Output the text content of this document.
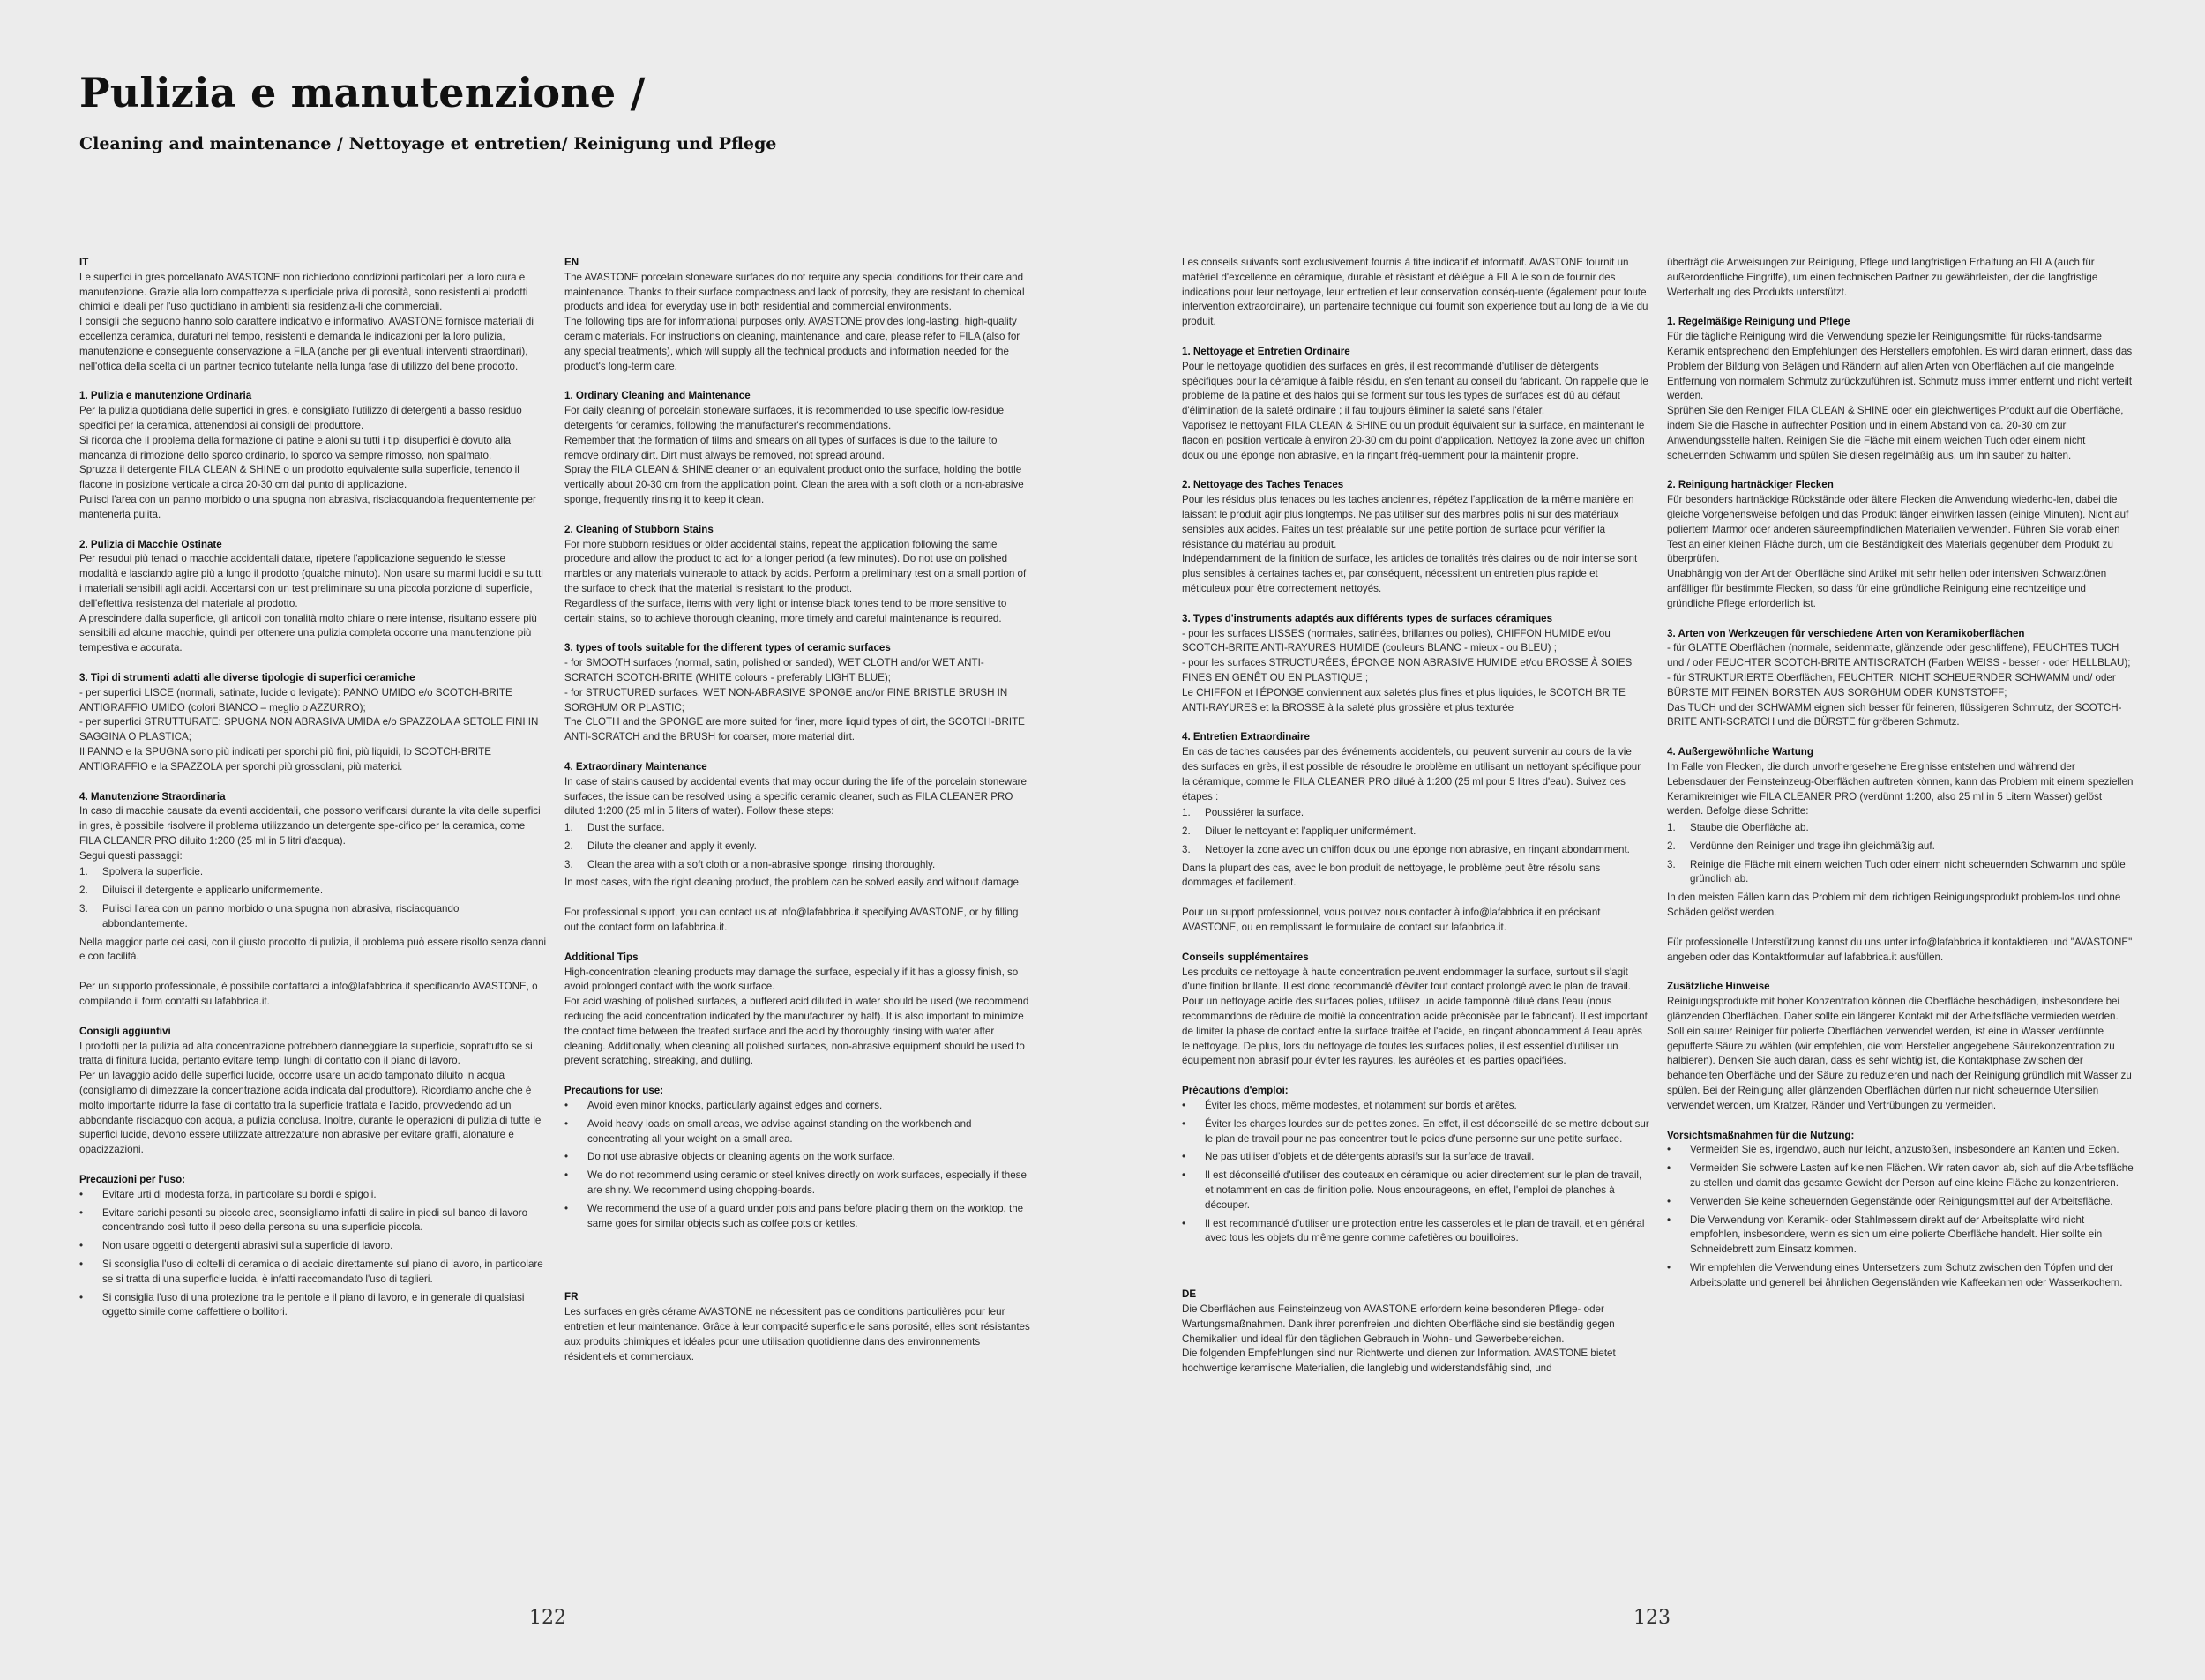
Pulizia e manutenzione /
Cleaning and maintenance / Nettoyage et entretien/ Reinigung und Pflege
IT

Le superfici in gres porcellanato AVASTONE non richiedono condizioni particolari per la loro cura e manutenzione. Grazie alla loro compattezza superficiale priva di porosità, sono resistenti ai prodotti chimici e ideali per l'uso quotidiano in ambienti sia residenzia-li che commerciali.

I consigli che seguono hanno solo carattere indicativo e informativo. AVASTONE fornisce materiali di eccellenza ceramica, duraturi nel tempo, resistenti e demanda le indicazioni per la loro pulizia, manutenzione e conseguente conservazione a FILA (anche per gli eventuali interventi straordinari), nell'ottica della scelta di un partner tecnico tutelante nella lunga fase di utilizzo del bene prodotto.

1. Pulizia e manutenzione Ordinaria
Per la pulizia quotidiana delle superfici in gres, è consigliato l'utilizzo di detergenti a basso residuo specifici per la ceramica, attenendosi ai consigli del produttore.
Si ricorda che il problema della formazione di patine e aloni su tutti i tipi disuperfici è dovuto alla mancanza di rimozione dello sporco ordinario, lo sporco va sempre rimosso, non spalmato.
Spruzza il detergente FILA CLEAN & SHINE o un prodotto equivalente sulla superficie, tenendo il flacone in posizione verticale a circa 20-30 cm dal punto di applicazione.
Pulisci l'area con un panno morbido o una spugna non abrasiva, risciacquandola frequentemente per mantenerla pulita.

2. Pulizia di Macchie Ostinate
Per resudui più tenaci o macchie accidentali datate, ripetere l'applicazione seguendo le stesse modalità e lasciando agire più a lungo il prodotto (qualche minuto). Non usare su marmi lucidi e su tutti i materiali sensibili agli acidi. Accertarsi con un test preliminare su una piccola porzione di superficie, dell'effettiva resistenza del materiale al prodotto.
A prescindere dalla superficie, gli articoli con tonalità molto chiare o nere intense, risultano essere più sensibili ad alcune macchie, quindi per ottenere una pulizia completa occorre una manutenzione più tempestiva e accurata.

3. Tipi di strumenti adatti alle diverse tipologie di superfici ceramiche
- per superfici LISCE (normali, satinate, lucide o levigate): PANNO UMIDO e/o SCOTCH-BRITE ANTIGRAFFIO UMIDO (colori BIANCO – meglio o AZZURRO);
- per superfici STRUTTURATE: SPUGNA NON ABRASIVA UMIDA e/o SPAZZOLA A SETOLE FINI IN SAGGINA O PLASTICA;
Il PANNO e la SPUGNA sono più indicati per sporchi più fini, più liquidi, lo SCOTCH-BRITE ANTIGRAFFIO e la SPAZZOLA per sporchi più grossolani, più materici.

4. Manutenzione Straordinaria
In caso di macchie causate da eventi accidentali, che possono verificarsi durante la vita delle superfici in gres, è possibile risolvere il problema utilizzando un detergente spe-cifico per la ceramica, come FILA CLEANER PRO diluito 1:200 (25 ml in 5 litri d'acqua).
Segui questi passaggi:

1.	Spolvera la superficie.
2.	Diluisci il detergente e applicarlo uniformemente.
3.	Pulisci l'area con un panno morbido o una spugna non abrasiva, risciacquando abbondantemente.

Nella maggior parte dei casi, con il giusto prodotto di pulizia, il problema può essere risolto senza danni e con facilità.

Per un supporto professionale, è possibile contattarci a info@lafabbrica.it specificando AVASTONE, o compilando il form contatti su lafabbrica.it.

Consigli aggiuntivi
I prodotti per la pulizia ad alta concentrazione potrebbero danneggiare la superficie, soprattutto se si tratta di finitura lucida, pertanto evitare tempi lunghi di contatto con il piano di lavoro.
Per un lavaggio acido delle superfici lucide, occorre usare un acido tamponato diluito in acqua (consigliamo di dimezzare la concentrazione acida indicata dal produttore). Ricordiamo anche che è molto importante ridurre la fase di contatto tra la superficie trattata e l'acido, provvedendo ad un abbondante risciacquo con acqua, a pulizia conclusa. Inoltre, durante le operazioni di pulizia di tutte le superfici lucide, devono essere utilizzate attrezzature non abrasive per evitare graffi, alonature e opacizzazioni.

Precauzioni per l'uso:
•	Evitare urti di modesta forza, in particolare su bordi e spigoli.
•	Evitare carichi pesanti su piccole aree, sconsigliamo infatti di salire in piedi sul banco di lavoro concentrando così tutto il peso della persona su una superficie piccola.
•	Non usare oggetti o detergenti abrasivi sulla superficie di lavoro.
•	Si sconsiglia l'uso di coltelli di ceramica o di acciaio direttamente sul piano di lavoro, in particolare se si tratta di una superficie lucida, è infatti raccomandato l'uso di taglieri.
•	Si consiglia l'uso di una protezione tra le pentole e il piano di lavoro, e in generale di qualsiasi oggetto simile come caffettiere o bollitori.
EN

The AVASTONE porcelain stoneware surfaces do not require any special conditions for their care and maintenance. Thanks to their surface compactness and lack of porosity, they are resistant to chemical products and ideal for everyday use in both residential and commercial environments.

The following tips are for informational purposes only. AVASTONE provides long-lasting, high-quality ceramic materials. For instructions on cleaning, maintenance, and care, please refer to FILA (also for any special treatments), which will supply all the technical products and information needed for the product's long-term care.

1. Ordinary Cleaning and Maintenance
For daily cleaning of porcelain stoneware surfaces, it is recommended to use specific low-residue detergents for ceramics, following the manufacturer's recommendations.
Remember that the formation of films and smears on all types of surfaces is due to the failure to remove ordinary dirt. Dirt must always be removed, not spread around.
Spray the FILA CLEAN & SHINE cleaner or an equivalent product onto the surface, holding the bottle vertically about 20-30 cm from the application point. Clean the area with a soft cloth or a non-abrasive sponge, frequently rinsing it to keep it clean.

2. Cleaning of Stubborn Stains
For more stubborn residues or older accidental stains, repeat the application following the same procedure and allow the product to act for a longer period (a few minutes). Do not use on polished marbles or any materials vulnerable to attack by acids. Perform a preliminary test on a small portion of the surface to check that the material is resistant to the product.
Regardless of the surface, items with very light or intense black tones tend to be more sensitive to certain stains, so to achieve thorough cleaning, more timely and careful maintenance is required.

3. types of tools suitable for the different types of ceramic surfaces
- for SMOOTH surfaces (normal, satin, polished or sanded), WET CLOTH and/or WET ANTI-SCRATCH SCOTCH-BRITE (WHITE colours - preferably LIGHT BLUE);
- for STRUCTURED surfaces, WET NON-ABRASIVE SPONGE and/or FINE BRISTLE BRUSH IN SORGHUM OR PLASTIC;
The CLOTH and the SPONGE are more suited for finer, more liquid types of dirt, the SCOTCH-BRITE ANTI-SCRATCH and the BRUSH for coarser, more material dirt.

4. Extraordinary Maintenance
In case of stains caused by accidental events that may occur during the life of the porcelain stoneware surfaces, the issue can be resolved using a specific ceramic cleaner, such as FILA CLEANER PRO diluted 1:200 (25 ml in 5 liters of water). Follow these steps:

1.	Dust the surface.
2.	Dilute the cleaner and apply it evenly.
3.	Clean the area with a soft cloth or a non-abrasive sponge, rinsing thoroughly.

In most cases, with the right cleaning product, the problem can be solved easily and without damage.

For professional support, you can contact us at info@lafabbrica.it specifying AVASTONE, or by filling out the contact form on lafabbrica.it.

Additional Tips
High-concentration cleaning products may damage the surface, especially if it has a glossy finish, so avoid prolonged contact with the work surface.
For acid washing of polished surfaces, a buffered acid diluted in water should be used (we recommend reducing the acid concentration indicated by the manufacturer by half). It is also important to minimize the contact time between the treated surface and the acid by thoroughly rinsing with water after cleaning. Additionally, when cleaning all polished surfaces, non-abrasive equipment should be used to prevent scratching, streaking, and dulling.

Precautions for use:
•	Avoid even minor knocks, particularly against edges and corners.
•	Avoid heavy loads on small areas, we advise against standing on the workbench and concentrating all your weight on a small area.
•	Do not use abrasive objects or cleaning agents on the work surface.
•	We do not recommend using ceramic or steel knives directly on work surfaces, especially if these are shiny. We recommend using chopping-boards.
•	We recommend the use of a guard under pots and pans before placing them on the worktop, the same goes for similar objects such as coffee pots or kettles.
FR

Les surfaces en grès cérame AVASTONE ne nécessitent pas de conditions particulières pour leur entretien et leur maintenance. Grâce à leur compacité superficielle sans porosité, elles sont résistantes aux produits chimiques et idéales pour une utilisation quotidienne dans des environnements résidentiels et commerciaux.

Les conseils suivants sont exclusivement fournis à titre indicatif et informatif. AVASTONE fournit un matériel d'excellence en céramique, durable et résistant et délègue à FILA le soin de fournir des indications pour leur nettoyage, leur entretien et leur conservation conséq-uente (également pour toute intervention extraordinaire), un partenaire technique qui fournit son expérience tout au long de la vie du produit.

1. Nettoyage et Entretien Ordinaire
Pour le nettoyage quotidien des surfaces en grès, il est recommandé d'utiliser de détergents spécifiques pour la céramique à faible résidu, en s'en tenant au conseil du fabricant. On rappelle que le problème de la patine et des halos qui se forment sur tous les types de surfaces est dû au défaut d'élimination de la saleté ordinaire ; il fau toujours éliminer la saleté sans l'étaler.
Vaporisez le nettoyant FILA CLEAN & SHINE ou un produit équivalent sur la surface, en maintenant le flacon en position verticale à environ 20-30 cm du point d'application. Nettoyez la zone avec un chiffon doux ou une éponge non abrasive, en la rinçant fréq-uemment pour la maintenir propre.

2. Nettoyage des Taches Tenaces
Pour les résidus plus tenaces ou les taches anciennes, répétez l'application de la même manière en laissant le produit agir plus longtemps. Ne pas utiliser sur des marbres polis ni sur des matériaux sensibles aux acides. Faites un test préalable sur une petite portion de surface pour vérifier la résistance du matériau au produit.
Indépendamment de la finition de surface, les articles de tonalités très claires ou de noir intense sont plus sensibles à certaines taches et, par conséquent, nécessitent un entretien plus rapide et méticuleux pour être correctement nettoyés.

3. Types d'instruments adaptés aux différents types de surfaces céramiques
- pour les surfaces LISSES (normales, satinées, brillantes ou polies), CHIFFON HUMIDE et/ou SCOTCH-BRITE ANTI-RAYURES HUMIDE (couleurs BLANC - mieux - ou BLEU) ;
- pour les surfaces STRUCTURÉES, ÉPONGE NON ABRASIVE HUMIDE et/ou BROSSE À SOIES FINES EN GENÊT OU EN PLASTIQUE ;
Le CHIFFON et l'ÉPONGE conviennent aux saletés plus fines et plus liquides, le SCOTCH BRITE ANTI-RAYURES et la BROSSE à la saleté plus grossière et plus texturée

4. Entretien Extraordinaire
En cas de taches causées par des événements accidentels, qui peuvent survenir au cours de la vie des surfaces en grès, il est possible de résoudre le problème en utilisant un nettoyant spécifique pour la céramique, comme le FILA CLEANER PRO dilué à 1:200 (25 ml pour 5 litres d'eau). Suivez ces étapes :

1.	Poussiérer la surface.
2.	Diluer le nettoyant et l'appliquer uniformément.
3.	Nettoyer la zone avec un chiffon doux ou une éponge non abrasive, en rinçant abondamment.

Dans la plupart des cas, avec le bon produit de nettoyage, le problème peut être résolu sans dommages et facilement.

Pour un support professionnel, vous pouvez nous contacter à info@lafabbrica.it en précisant AVASTONE, ou en remplissant le formulaire de contact sur lafabbrica.it.

Conseils supplémentaires
Les produits de nettoyage à haute concentration peuvent endommager la surface, surtout s'il s'agit d'une finition brillante. Il est donc recommandé d'éviter tout contact prolongé avec le plan de travail. Pour un nettoyage acide des surfaces polies, utilisez un acide tamponné dilué dans l'eau (nous recommandons de réduire de moitié la concentration acide préconisée par le fabricant). Il est important de limiter la phase de contact entre la surface traitée et l'acide, en rinçant abondamment à l'eau après le nettoyage. De plus, lors du nettoyage de toutes les surfaces polies, il est essentiel d'utiliser un équipement non abrasif pour éviter les rayures, les auréoles et les parties opacifiées.

Précautions d'emploi:
•	Éviter les chocs, même modestes, et notamment sur bords et arêtes.
•	Éviter les charges lourdes sur de petites zones. En effet, il est déconseillé de se mettre debout sur le plan de travail pour ne pas concentrer tout le poids d'une personne sur une petite surface.
•	Ne pas utiliser d'objets et de détergents abrasifs sur la surface de travail.
•	Il est déconseillé d'utiliser des couteaux en céramique ou acier directement sur le plan de travail, et notamment en cas de finition polie. Nous encourageons, en effet, l'emploi de planches à découper.
•	Il est recommandé d'utiliser une protection entre les casseroles et le plan de travail, et en général avec tous les objets du même genre comme cafetières ou bouilloires.
DE

Die Oberflächen aus Feinsteinzeug von AVASTONE erfordern keine besonderen Pflege- oder Wartungsmaßnahmen. Dank ihrer porenfreien und dichten Oberfläche sind sie beständig gegen Chemikalien und ideal für den täglichen Gebrauch in Wohn- und Gewerbebereichen.
Die folgenden Empfehlungen sind nur Richtwerte und dienen zur Information. AVASTONE bietet hochwertige keramische Materialien, die langlebig und widerstandsfähig sind, und

überträgt die Anweisungen zur Reinigung, Pflege und langfristigen Erhaltung an FILA (auch für außerordentliche Eingriffe), um einen technischen Partner zu gewährleisten, der die langfristige Werterhaltung des Produkts unterstützt.

1. Regelmäßige Reinigung und Pflege
Für die tägliche Reinigung wird die Verwendung spezieller Reinigungsmittel für rücks-tandsarme Keramik entsprechend den Empfehlungen des Herstellers empfohlen. Es wird daran erinnert, dass das Problem der Bildung von Belägen und Rändern auf allen Arten von Oberflächen auf die mangelnde Entfernung von normalem Schmutz zurückzuführen ist. Schmutz muss immer entfernt und nicht verteilt werden.
Sprühen Sie den Reiniger FILA CLEAN & SHINE oder ein gleichwertiges Produkt auf die Oberfläche, indem Sie die Flasche in aufrechter Position und in einem Abstand von ca. 20-30 cm zur Anwendungsstelle halten. Reinigen Sie die Fläche mit einem weichen Tuch oder einem nicht scheuernden Schwamm und spülen Sie diesen regelmäßig aus, um ihn sauber zu halten.

2. Reinigung hartnäckiger Flecken
Für besonders hartnäckige Rückstände oder ältere Flecken die Anwendung wiederho-len, dabei die gleiche Vorgehensweise befolgen und das Produkt länger einwirken lassen (einige Minuten). Nicht auf poliertem Marmor oder anderen säureempfindlichen Materialien verwenden. Führen Sie vorab einen Test an einer kleinen Fläche durch, um die Beständigkeit des Materials gegenüber dem Produkt zu überprüfen.
Unabhängig von der Art der Oberfläche sind Artikel mit sehr hellen oder intensiven Schwarztönen anfälliger für bestimmte Flecken, so dass für eine gründliche Reinigung eine rechtzeitige und gründliche Pflege erforderlich ist.

3. Arten von Werkzeugen für verschiedene Arten von Keramikoberflächen
- für GLATTE Oberflächen (normale, seidenmatte, glänzende oder geschliffene), FEUCHTES TUCH und / oder FEUCHTER SCOTCH-BRITE ANTISCRATCH (Farben WEISS - besser - oder HELLBLAU);
- für STRUKTURIERTE Oberflächen, FEUCHTER, NICHT SCHEUERNDER SCHWAMM und/ oder BÜRSTE MIT FEINEN BORSTEN AUS SORGHUM ODER KUNSTSTOFF;
Das TUCH und der SCHWAMM eignen sich besser für feineren, flüssigeren Schmutz, der SCOTCH-BRITE ANTI-SCRATCH und die BÜRSTE für gröberen Schmutz.

4. Außergewöhnliche Wartung
Im Falle von Flecken, die durch unvorhergesehene Ereignisse entstehen und während der Lebensdauer der Feinsteinzeug-Oberflächen auftreten können, kann das Problem mit einem speziellen Keramikreiniger wie FILA CLEANER PRO (verdünnt 1:200, also 25 ml in 5 Litern Wasser) gelöst werden. Befolge diese Schritte:

1.	Staube die Oberfläche ab.
2.	Verdünne den Reiniger und trage ihn gleichmäßig auf.
3.	Reinige die Fläche mit einem weichen Tuch oder einem nicht scheuernden Schwamm und spüle gründlich ab.

In den meisten Fällen kann das Problem mit dem richtigen Reinigungsprodukt problem-los und ohne Schäden gelöst werden.

Für professionelle Unterstützung kannst du uns unter info@lafabbrica.it kontaktieren und "AVASTONE" angeben oder das Kontaktformular auf lafabbrica.it ausfüllen.

Zusätzliche Hinweise
Reinigungsprodukte mit hoher Konzentration können die Oberfläche beschädigen, insbesondere bei glänzenden Oberflächen. Daher sollte ein längerer Kontakt mit der Arbeitsfläche vermieden werden.
Soll ein saurer Reiniger für polierte Oberflächen verwendet werden, ist eine in Wasser verdünnte gepufferte Säure zu wählen (wir empfehlen, die vom Hersteller angegebene Säurekonzentration zu halbieren). Denken Sie auch daran, dass es sehr wichtig ist, die Kontaktphase zwischen der behandelten Oberfläche und der Säure zu reduzieren und nach der Reinigung gründlich mit Wasser zu spülen. Bei der Reinigung aller glänzenden Oberflächen dürfen nur nicht scheuernde Utensilien verwendet werden, um Kratzer, Ränder und Vertrübungen zu vermeiden.

Vorsichtsmaßnahmen für die Nutzung:
•	Vermeiden Sie es, irgendwo, auch nur leicht, anzustoßen, insbesondere an Kanten und Ecken.
•	Vermeiden Sie schwere Lasten auf kleinen Flächen. Wir raten davon ab, sich auf die Arbeitsfläche zu stellen und damit das gesamte Gewicht der Person auf eine kleine Fläche zu konzentrieren.
•	Verwenden Sie keine scheuernden Gegenstände oder Reinigungsmittel auf der Arbeitsfläche.
•	Die Verwendung von Keramik- oder Stahlmessern direkt auf der Arbeitsplatte wird nicht empfohlen, insbesondere, wenn es sich um eine polierte Oberfläche handelt. Hier sollte ein Schneidebrett zum Einsatz kommen.
•	Wir empfehlen die Verwendung eines Untersetzers zum Schutz zwischen den Töpfen und der Arbeitsplatte und generell bei ähnlichen Gegenständen wie Kaffeekannen oder Wasserkochern.

122	123
